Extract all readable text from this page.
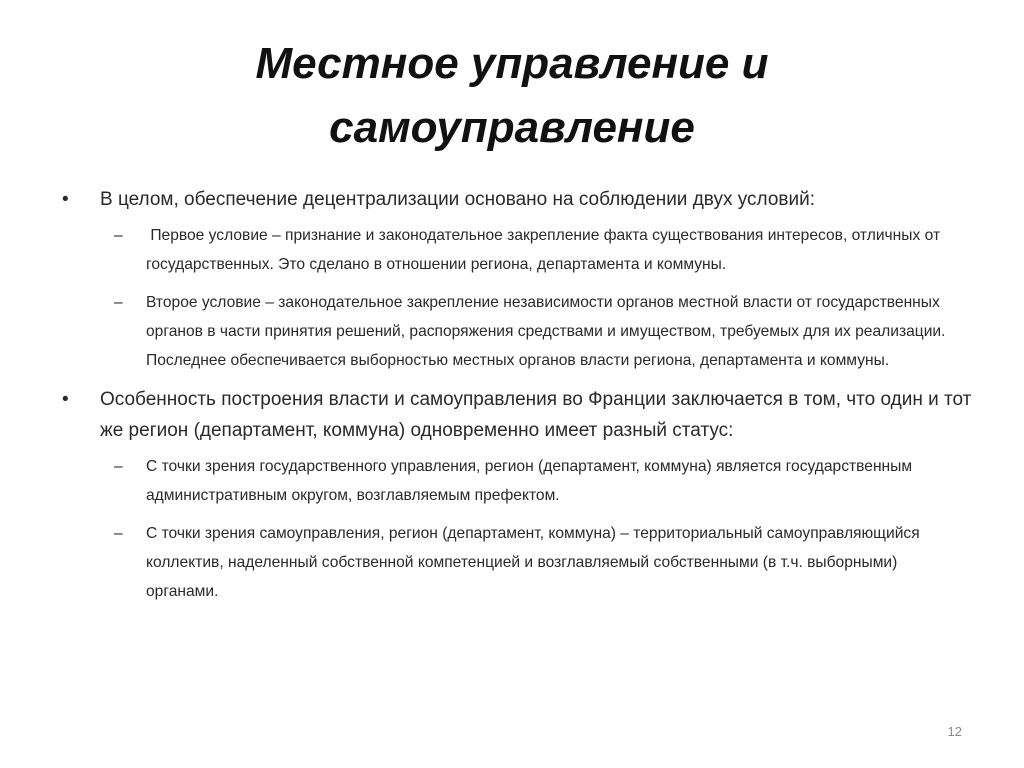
Местное управление и
самоуправление
•	В целом, обеспечение децентрализации основано на соблюдении двух условий:
–	Первое условие – признание и законодательное закрепление факта существования интересов, отличных от государственных. Это сделано в отношении региона, департамента и коммуны.
–	Второе условие – законодательное закрепление независимости органов местной власти от государственных органов в части принятия решений, распоряжения средствами и имуществом, требуемых для их реализации. Последнее обеспечивается выборностью местных органов власти региона, департамента и коммуны.
•	Особенность построения власти и самоуправления во Франции заключается в том, что один и тот же регион (департамент, коммуна) одновременно имеет разный статус:
–	С точки зрения государственного управления, регион (департамент, коммуна) является государственным административным округом, возглавляемым префектом.
–	С точки зрения самоуправления, регион (департамент, коммуна) – территориальный самоуправляющийся коллектив, наделенный собственной компетенцией и возглавляемый собственными (в т.ч. выборными) органами.
12
